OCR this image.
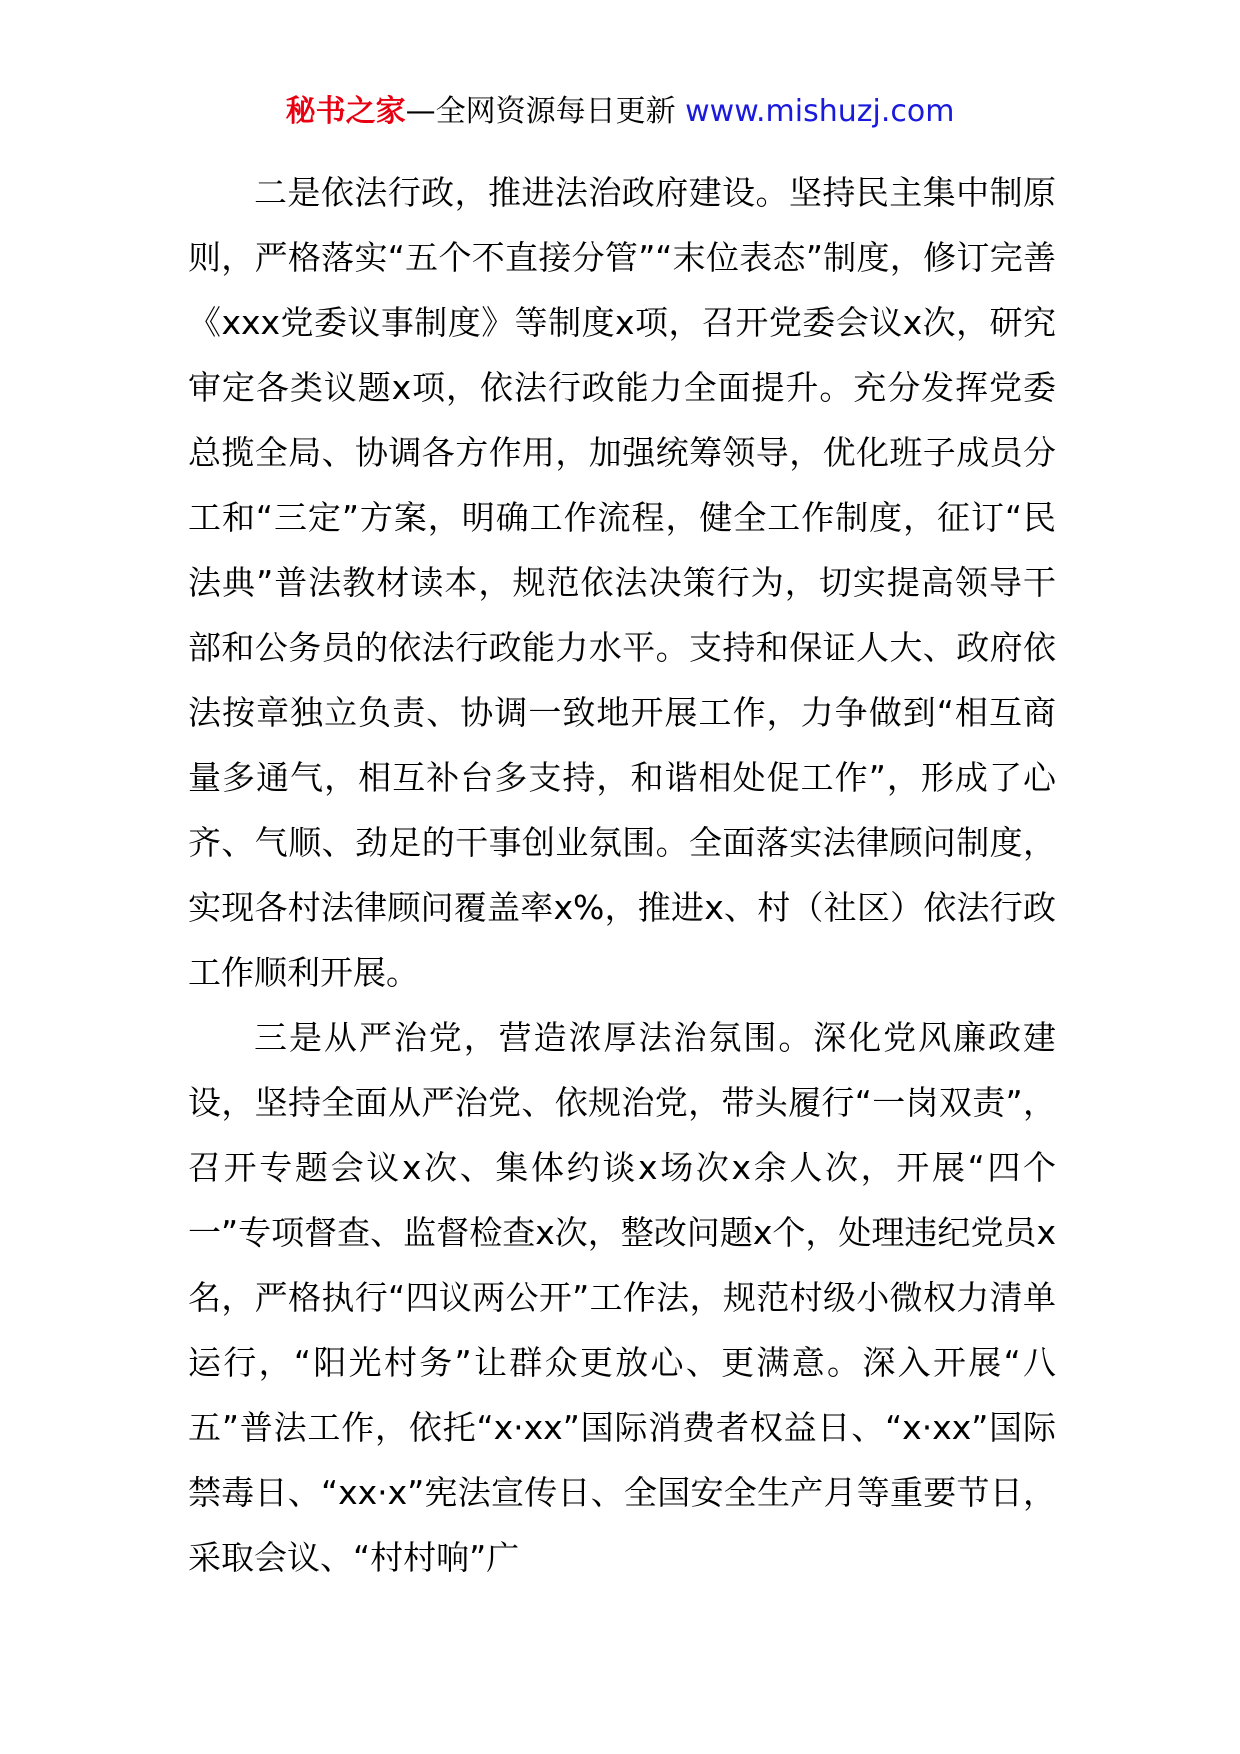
秘书之家—全网资源每日更新 www.mishuzj.com

二是依法行政，推进法治政府建设。坚持民主集中制原则，严格落实“五个不直接分管”“末位表态”制度，修订完善《xxx党委议事制度》等制度x项，召开党委会议x次，研究审定各类议题x项，依法行政能力全面提升。充分发挥党委总揽全局、协调各方作用，加强统筹领导，优化班子成员分工和“三定”方案，明确工作流程，健全工作制度，征订“民法典”普法教材读本，规范依法决策行为，切实提高领导干部和公务员的依法行政能力水平。支持和保证人大、政府依法按章独立负责、协调一致地开展工作，力争做到“相互商量多通气，相互补台多支持，和谐相处促工作”，形成了心齐、气顺、劲足的干事创业氛围。全面落实法律顾问制度，实现各村法律顾问覆盖率x%，推进x、村（社区）依法行政工作顺利开展。

三是从严治党，营造浓厚法治氛围。深化党风廉政建设，坚持全面从严治党、依规治党，带头履行“一岗双责”，召开专题会议x次、集体约谈x场次x余人次，开展“四个一”专项督查、监督检查x次，整改问题x个，处理违纪党员x名，严格执行“四议两公开”工作法，规范村级小微权力清单运行，“阳光村务”让群众更放心、更满意。深入开展“八五”普法工作，依托“x·xx”国际消费者权益日、“x·xx”国际禁毒日、“xx·x”宪法宣传日、全国安全生产月等重要节日，采取会议、“村村响”广
